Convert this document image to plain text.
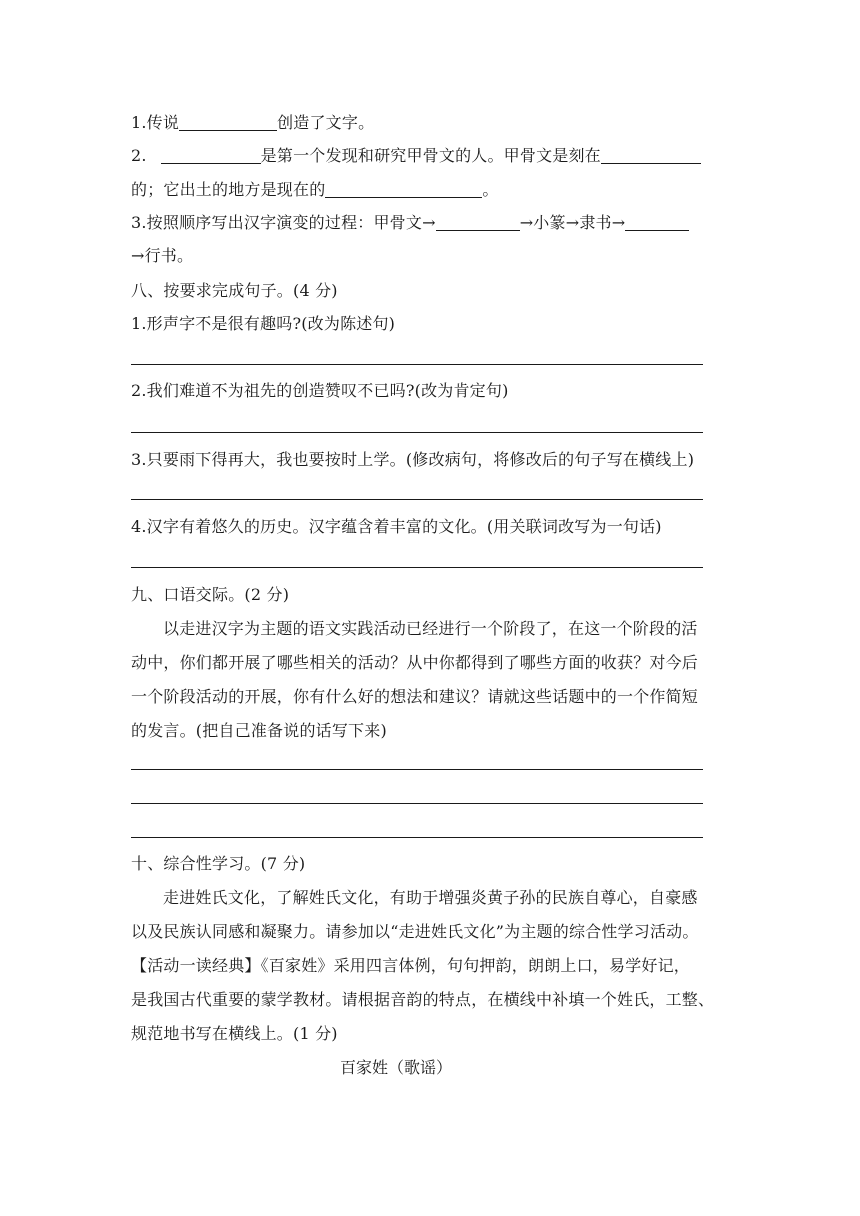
1.传说	创造了文字。
2.	是第一个发现和研究甲骨文的人。甲骨文是刻在
的；它出土的地方是现在的	。
3.按照顺序写出汉字演变的过程：甲骨文→	→小篆→隶书→
→行书。
八、按要求完成句子。(4 分)
1.形声字不是很有趣吗?(改为陈述句)
2.我们难道不为祖先的创造赞叹不已吗?(改为肯定句)
3.只要雨下得再大，我也要按时上学。(修改病句，将修改后的句子写在横线上)
4.汉字有着悠久的历史。汉字蕴含着丰富的文化。(用关联词改写为一句话)
九、口语交际。(2 分)
以走进汉字为主题的语文实践活动已经进行一个阶段了，在这一个阶段的活
动中，你们都开展了哪些相关的活动？从中你都得到了哪些方面的收获？对今后
一个阶段活动的开展，你有什么好的想法和建议？请就这些话题中的一个作简短
的发言。(把自己准备说的话写下来)
十、综合性学习。(7 分)
走进姓氏文化，了解姓氏文化，有助于增强炎黄子孙的民族自尊心，自豪感
以及民族认同感和凝聚力。请参加以“走进姓氏文化”为主题的综合性学习活动。
【活动一读经典】《百家姓》采用四言体例，句句押韵，朗朗上口，易学好记，
是我国古代重要的蒙学教材。请根据音韵的特点，在横线中补填一个姓氏，工整、
规范地书写在横线上。(1 分)
百家姓（歌谣）
